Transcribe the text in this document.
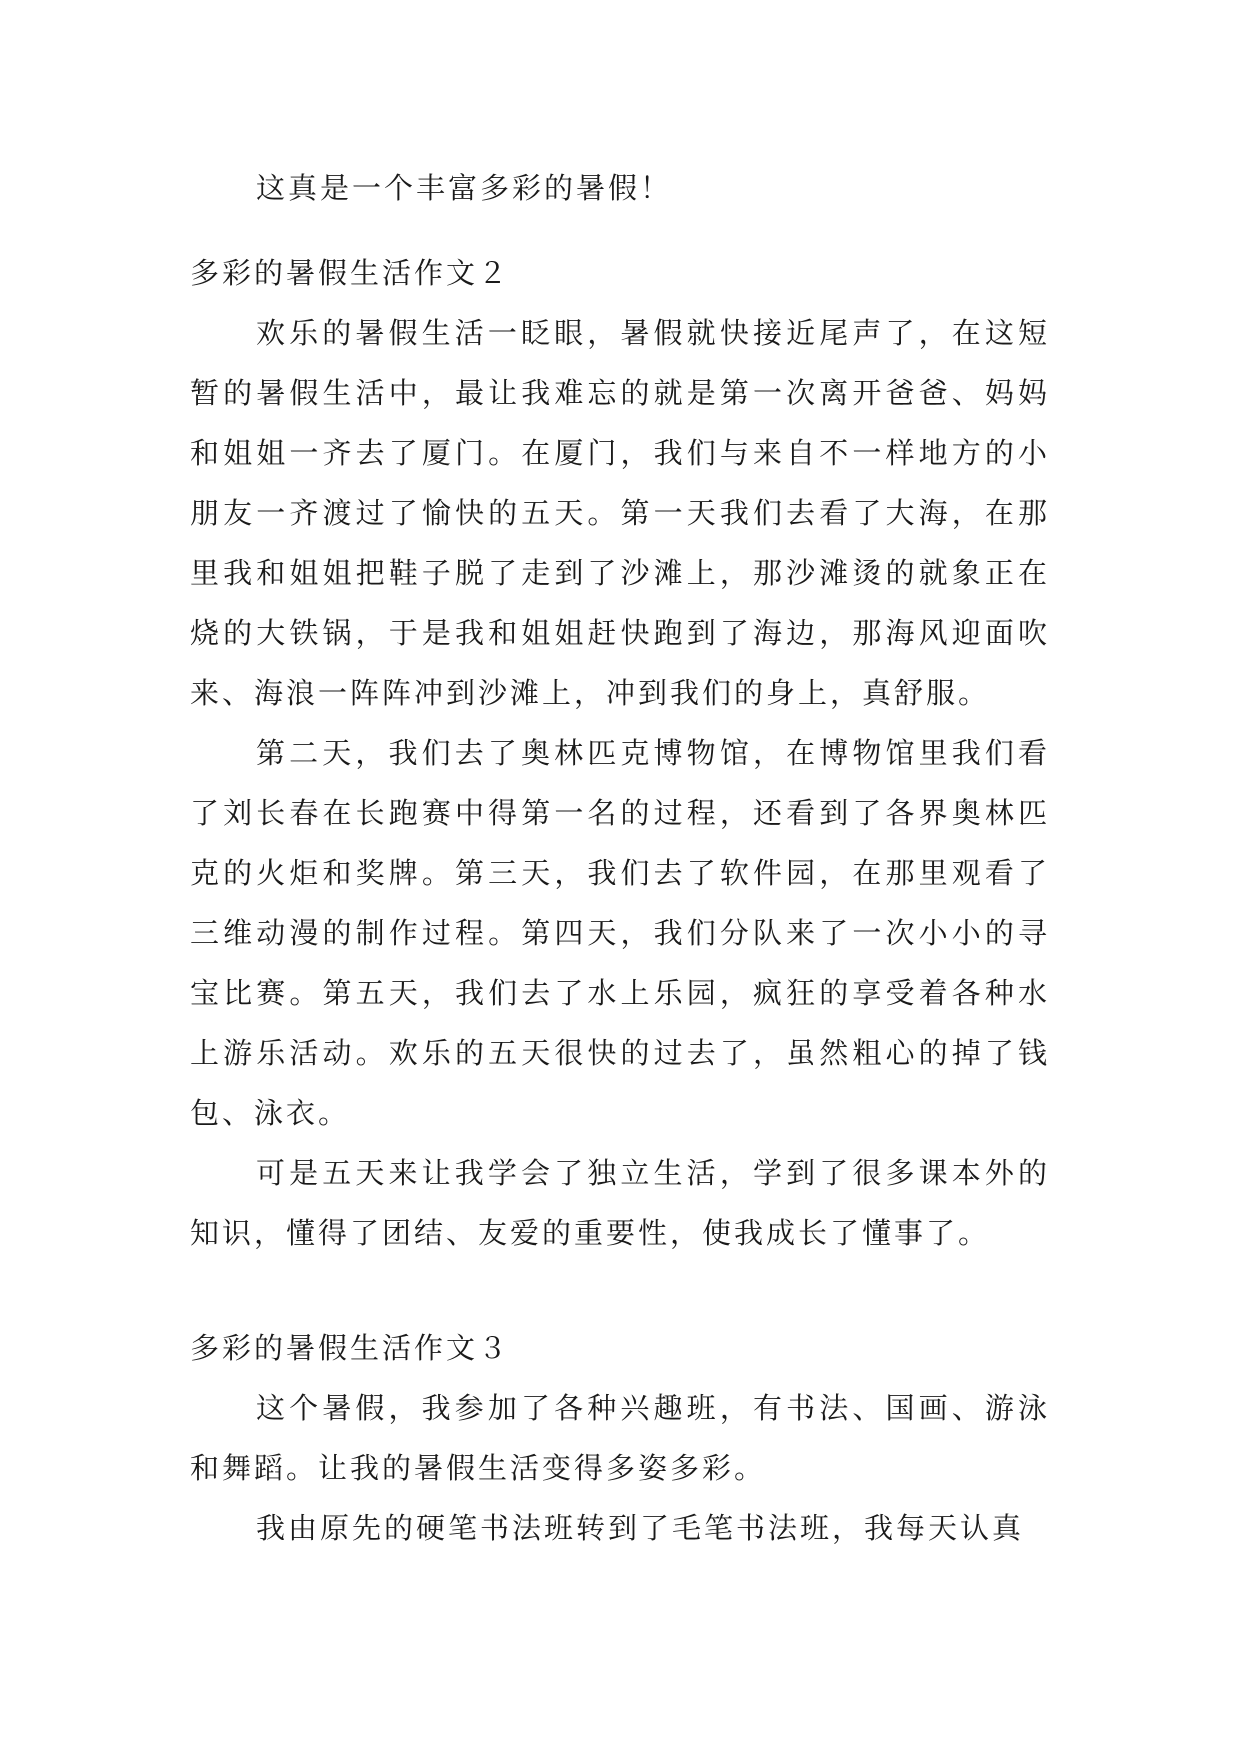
这真是一个丰富多彩的暑假！

多彩的暑假生活作文２

欢乐的暑假生活一眨眼，暑假就快接近尾声了，在这短暂的暑假生活中，最让我难忘的就是第一次离开爸爸、妈妈和姐姐一齐去了厦门。在厦门，我们与来自不一样地方的小朋友一齐渡过了愉快的五天。第一天我们去看了大海，在那里我和姐姐把鞋子脱了走到了沙滩上，那沙滩烫的就象正在烧的大铁锅，于是我和姐姐赶快跑到了海边，那海风迎面吹来、海浪一阵阵冲到沙滩上，冲到我们的身上，真舒服。

第二天，我们去了奥林匹克博物馆，在博物馆里我们看了刘长春在长跑赛中得第一名的过程，还看到了各界奥林匹克的火炬和奖牌。第三天，我们去了软件园，在那里观看了三维动漫的制作过程。第四天，我们分队来了一次小小的寻宝比赛。第五天，我们去了水上乐园，疯狂的享受着各种水上游乐活动。欢乐的五天很快的过去了，虽然粗心的掉了钱包、泳衣。

可是五天来让我学会了独立生活，学到了很多课本外的知识，懂得了团结、友爱的重要性，使我成长了懂事了。

多彩的暑假生活作文３

这个暑假，我参加了各种兴趣班，有书法、国画、游泳和舞蹈。让我的暑假生活变得多姿多彩。

我由原先的硬笔书法班转到了毛笔书法班，我每天认真
